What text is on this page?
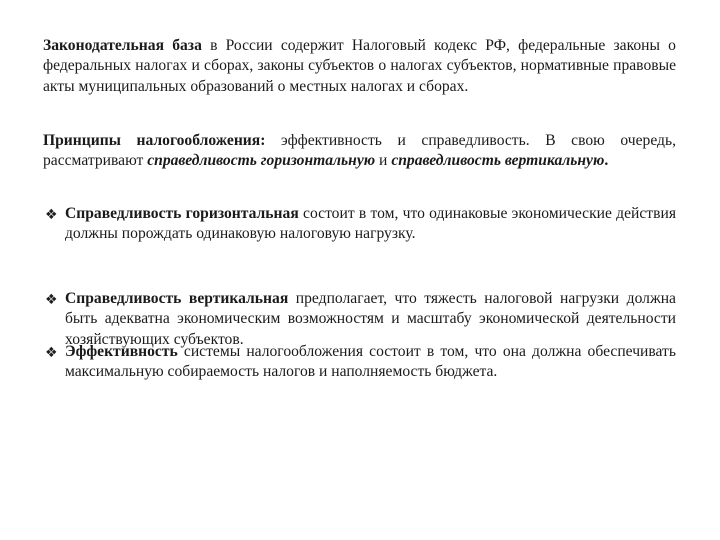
Законодательная база в России содержит Налоговый кодекс РФ, федеральные законы о федеральных налогах и сборах, законы субъектов о налогах субъектов, нормативные правовые акты муниципальных образований о местных налогах и сборах.

Принципы налогообложения: эффективность и справедливость. В свою очередь, рассматривают справедливость горизонтальную и справедливость вертикальную.

❖ Справедливость горизонтальная состоит в том, что одинаковые экономические действия должны порождать одинаковую налоговую нагрузку.
❖ Справедливость вертикальная предполагает, что тяжесть налоговой нагрузки должна быть адекватна экономическим возможностям и масштабу экономической деятельности хозяйствующих субъектов.
❖ Эффективность системы налогообложения состоит в том, что она должна обеспечивать максимальную собираемость налогов и наполняемость бюджета.
